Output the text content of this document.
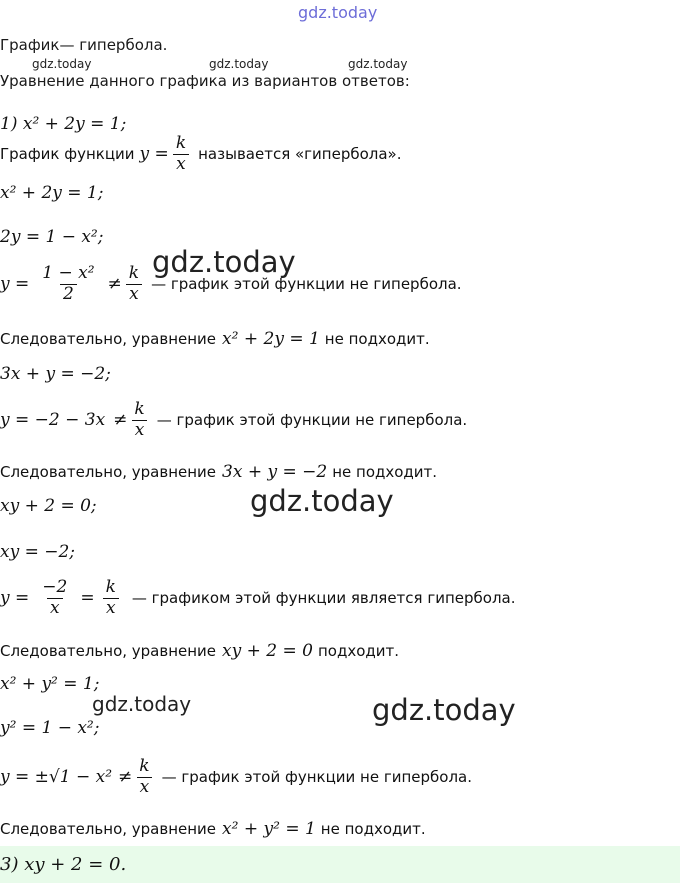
gdz.today
gdz.today	gdz.today	gdz.today
gdz.today
gdz.today
gdz.today	gdz.today
График— гипербола.
Уравнение данного графика из вариантов ответов:
1) x² + 2y = 1;
График функции $y = \frac{k}{x}$ называется «гипербола».
x² + 2y = 1;
2y = 1 − x²;
$y = \frac{\text{1 − x²}}{2} \ne \frac{k}{x}$ — график этой функции не гипербола.
Следовательно, уравнение x² + 2y = 1 не подходит.
3x + y = −2;
$y = -2 - 3x \ne \frac{k}{x}$ — график этой функции не гипербола.
Следовательно, уравнение 3x + y = −2 не подходит.
xy + 2 = 0;
xy = −2;
$y = \frac{-2}{x} = \frac{k}{x}$ — графиком этой функции является гипербола.
Следовательно, уравнение xy + 2 = 0 подходит.
x² + y² = 1;
y² = 1 − x²;
$y = \pm√1 - x^2 \ne \frac{k}{x}$ — график этой функции не гипербола.
Следовательно, уравнение x² + y² = 1 не подходит.
3) xy + 2 = 0.
